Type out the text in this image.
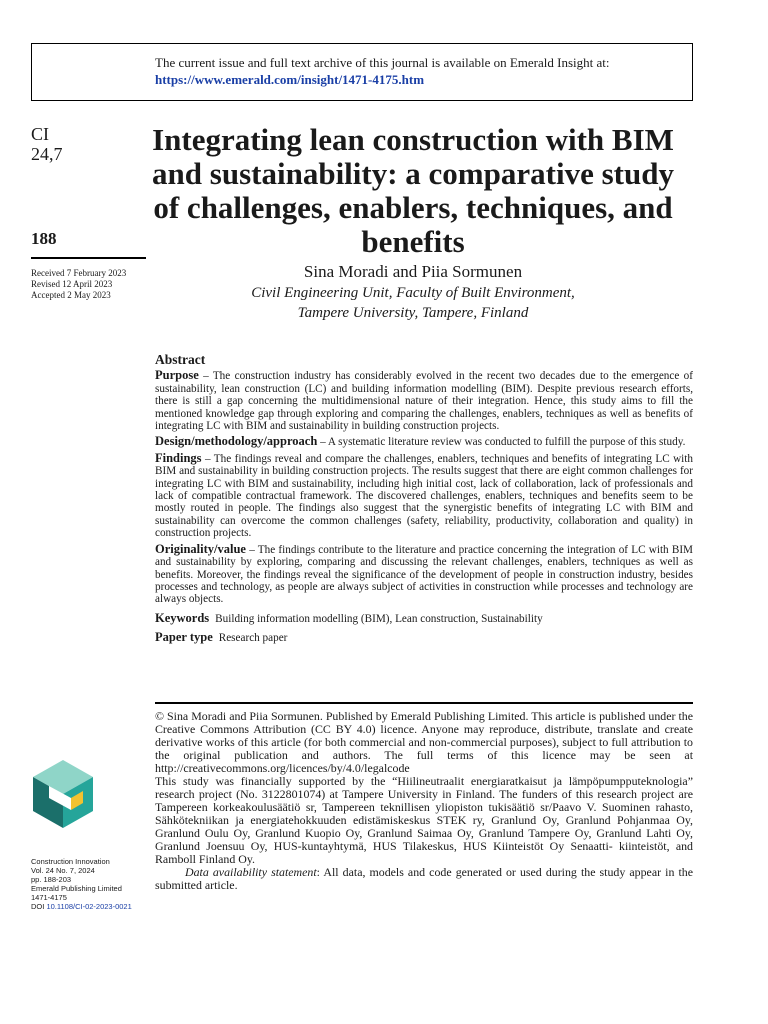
The current issue and full text archive of this journal is available on Emerald Insight at:
https://www.emerald.com/insight/1471-4175.htm
CI
24,7
188
Received 7 February 2023
Revised 12 April 2023
Accepted 2 May 2023
Integrating lean construction with BIM and sustainability: a comparative study of challenges, enablers, techniques, and benefits
Sina Moradi and Piia Sormunen
Civil Engineering Unit, Faculty of Built Environment,
Tampere University, Tampere, Finland
Abstract

Purpose – The construction industry has considerably evolved in the recent two decades due to the emergence of sustainability, lean construction (LC) and building information modelling (BIM). Despite previous research efforts, there is still a gap concerning the multidimensional nature of their integration. Hence, this study aims to fill the mentioned knowledge gap through exploring and comparing the challenges, enablers, techniques as well as benefits of integrating LC with BIM and sustainability in building construction projects.

Design/methodology/approach – A systematic literature review was conducted to fulfill the purpose of this study.

Findings – The findings reveal and compare the challenges, enablers, techniques and benefits of integrating LC with BIM and sustainability in building construction projects. The results suggest that there are eight common challenges for integrating LC with BIM and sustainability, including high initial cost, lack of collaboration, lack of professionals and lack of compatible contractual framework. The discovered challenges, enablers, techniques and benefits seem to be mostly routed in people. The findings also suggest that the synergistic benefits of integrating LC with BIM and sustainability can overcome the common challenges (safety, reliability, productivity, collaboration and quality) in construction projects.

Originality/value – The findings contribute to the literature and practice concerning the integration of LC with BIM and sustainability by exploring, comparing and discussing the relevant challenges, enablers, techniques as well as benefits. Moreover, the findings reveal the significance of the development of people in construction industry, besides processes and technology, as people are always subject of activities in construction while processes and technology are always objects.

Keywords Building information modelling (BIM), Lean construction, Sustainability

Paper type Research paper

© Sina Moradi and Piia Sormunen. Published by Emerald Publishing Limited. This article is published under the Creative Commons Attribution (CC BY 4.0) licence. Anyone may reproduce, distribute, translate and create derivative works of this article (for both commercial and non-commercial purposes), subject to full attribution to the original publication and authors. The full terms of this licence may be seen at http://creativecommons.org/licences/by/4.0/legalcode

This study was financially supported by the “Hiilineutraalit energiaratkaisut ja lämpöpumpputeknologia” research project (No. 3122801074) at Tampere University in Finland. The funders of this research project are Tampereen korkeakoulusäätiö sr, Tampereen teknillisen yliopiston tukisäätiö sr/Paavo V. Suominen rahasto, Sähkötekniikan ja energiatehokkuuden edistämiskeskus STEK ry, Granlund Oy, Granlund Pohjanmaa Oy, Granlund Oulu Oy, Granlund Kuopio Oy, Granlund Saimaa Oy, Granlund Tampere Oy, Granlund Lahti Oy, Granlund Joensuu Oy, HUS-kuntayhtymä, HUS Tilakeskus, HUS Kiinteistöt Oy Senaatti- kiinteistöt, and Ramboll Finland Oy.

Data availability statement: All data, models and code generated or used during the study appear in the submitted article.

Construction Innovation
Vol. 24 No. 7, 2024
pp. 188-203
Emerald Publishing Limited
1471-4175
DOI 10.1108/CI-02-2023-0021
